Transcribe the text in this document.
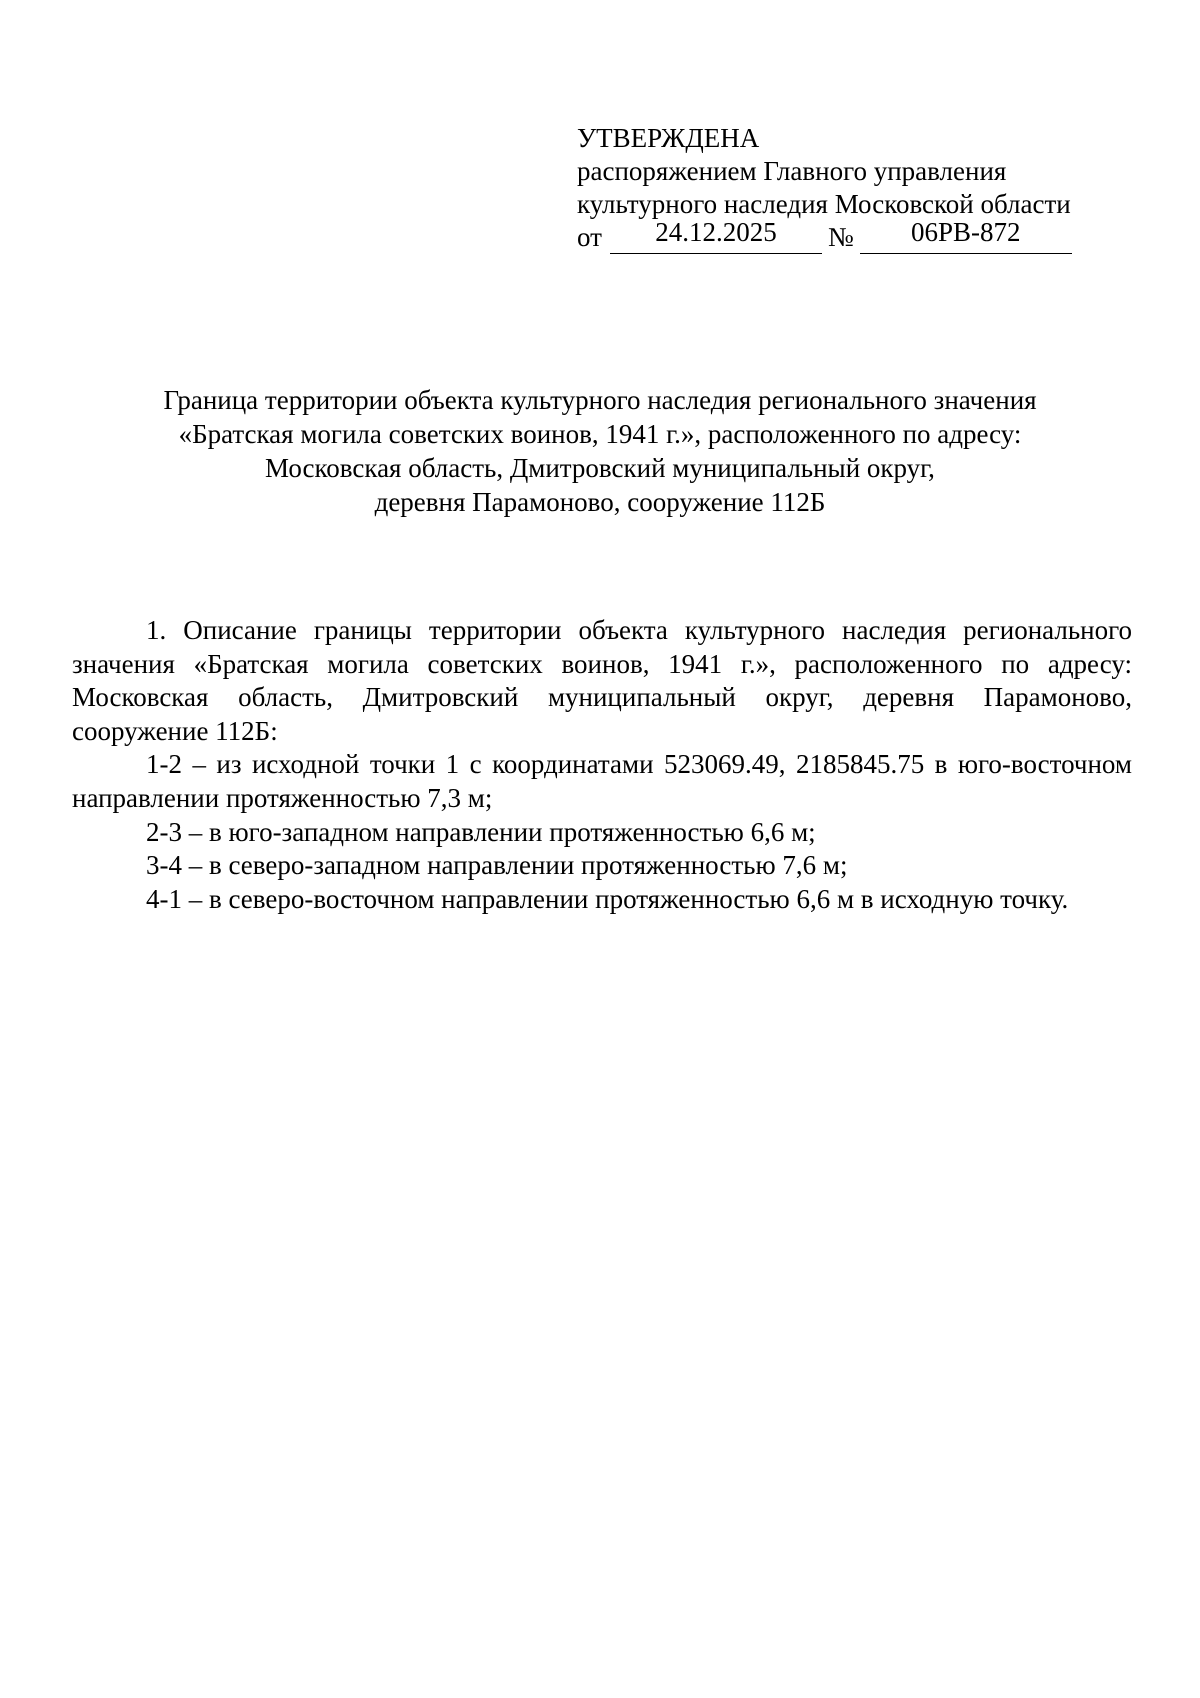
УТВЕРЖДЕНА
распоряжением Главного управления
культурного наследия Московской области
от	24.12.2025	№	06РВ-872
Граница территории объекта культурного наследия регионального значения
«Братская могила советских воинов, 1941 г.», расположенного по адресу:
Московская область, Дмитровский муниципальный округ,
деревня Парамоново, сооружение 112Б

1. Описание границы территории объекта культурного наследия регионального значения «Братская могила советских воинов, 1941 г.», расположенного по адресу: Московская область, Дмитровский муниципальный округ, деревня Парамоново, сооружение 112Б:

1-2 – из исходной точки 1 с координатами 523069.49, 2185845.75 в юго-восточном направлении протяженностью 7,3 м;

2-3 – в юго-западном направлении протяженностью 6,6 м;

3-4 – в северо-западном направлении протяженностью 7,6 м;

4-1 – в северо-восточном направлении протяженностью 6,6 м в исходную точку.
